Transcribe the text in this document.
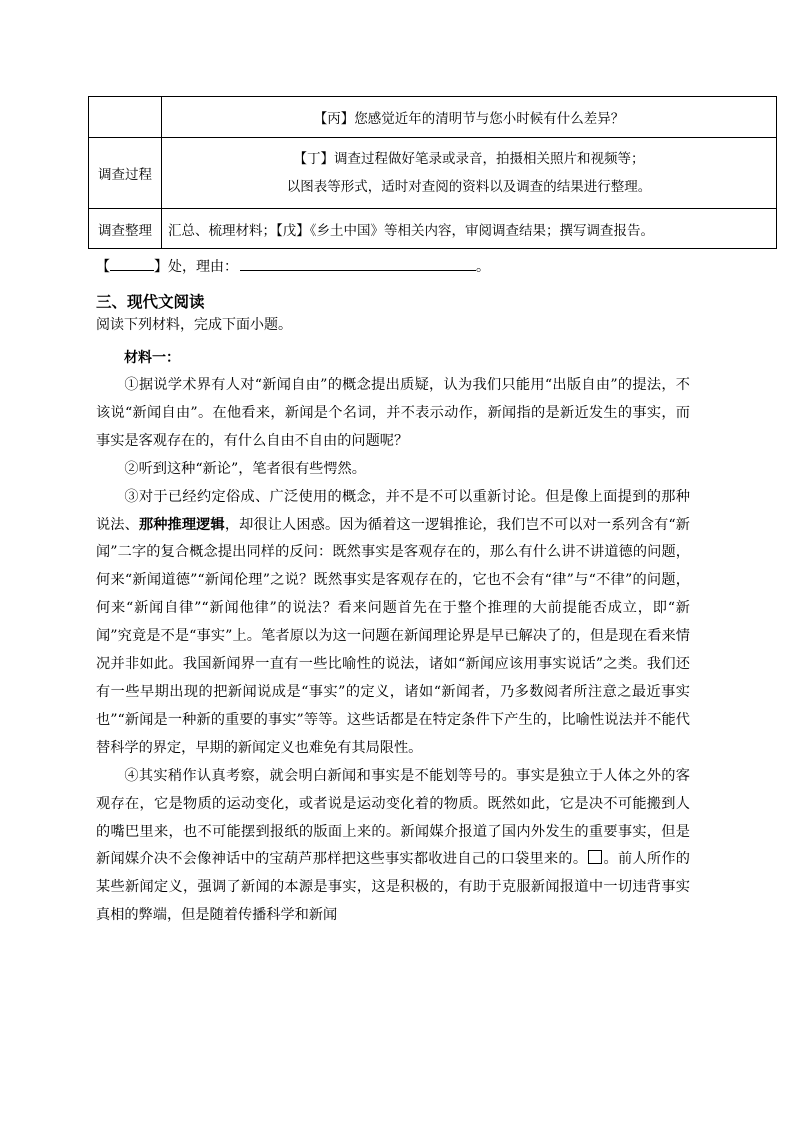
	【丙】您感觉近年的清明节与您小时候有什么差异？
调查过程	【丁】调查过程做好笔录或录音，拍摄相关照片和视频等；
以图表等形式，适时对查阅的资料以及调查的结果进行整理。

调查整理	汇总、梳理材料；【戊】《乡土中国》等相关内容，审阅调查结果；撰写调查报告。
【	】处，理由：	。
三、现代文阅读
阅读下列材料，完成下面小题。
材料一：

①据说学术界有人对“新闻自由”的概念提出质疑，认为我们只能用“出版自由”的提法，不该说“新闻自由”。在他看来，新闻是个名词，并不表示动作，新闻指的是新近发生的事实，而事实是客观存在的，有什么自由不自由的问题呢？

②听到这种“新论”，笔者很有些愕然。

③对于已经约定俗成、广泛使用的概念，并不是不可以重新讨论。但是像上面提到的那种说法、那种推理逻辑，却很让人困惑。因为循着这一逻辑推论，我们岂不可以对一系列含有“新闻”二字的复合概念提出同样的反问：既然事实是客观存在的，那么有什么讲不讲道德的问题，何来“新闻道德”“新闻伦理”之说？既然事实是客观存在的，它也不会有“律”与“不律”的问题，何来“新闻自律”“新闻他律”的说法？看来问题首先在于整个推理的大前提能否成立，即“新闻”究竟是不是“事实”上。笔者原以为这一问题在新闻理论界是早已解决了的，但是现在看来情况并非如此。我国新闻界一直有一些比喻性的说法，诸如“新闻应该用事实说话”之类。我们还有一些早期出现的把新闻说成是“事实”的定义，诸如“新闻者，乃多数阅者所注意之最近事实也”“新闻是一种新的重要的事实”等等。这些话都是在特定条件下产生的，比喻性说法并不能代替科学的界定，早期的新闻定义也难免有其局限性。

④其实稍作认真考察，就会明白新闻和事实是不能划等号的。事实是独立于人体之外的客观存在，它是物质的运动变化，或者说是运动变化着的物质。既然如此，它是决不可能搬到人的嘴巴里来，也不可能摆到报纸的版面上来的。新闻媒介报道了国内外发生的重要事实，但是新闻媒介决不会像神话中的宝葫芦那样把这些事实都收进自己的口袋里来的。 。前人所作的某些新闻定义，强调了新闻的本源是事实，这是积极的，有助于克服新闻报道中一切违背事实真相的弊端，但是随着传播科学和新闻
